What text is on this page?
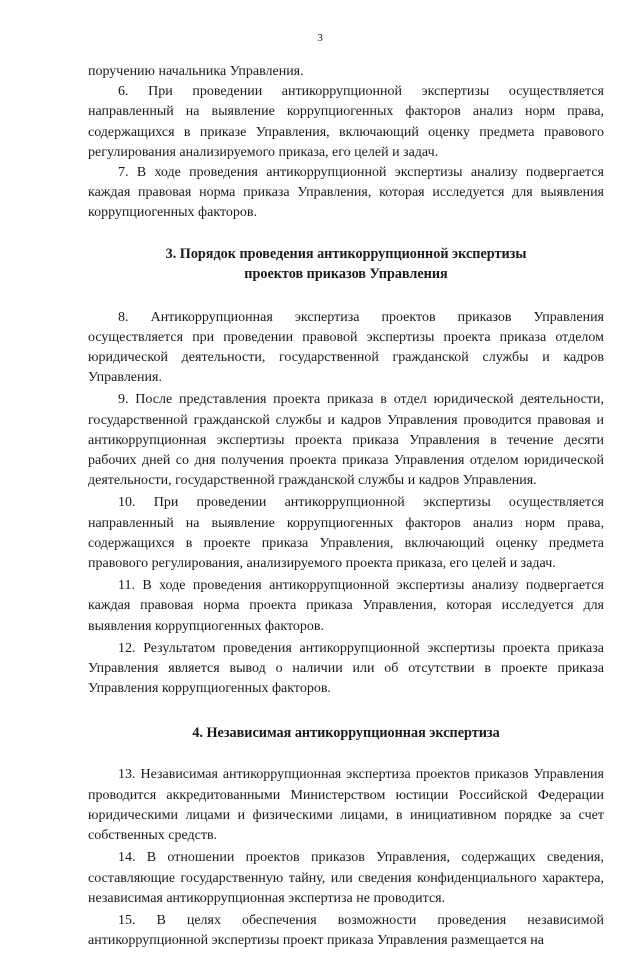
3

поручению начальника Управления.

6. При проведении антикоррупционной экспертизы осуществляется направленный на выявление коррупциогенных факторов анализ норм права, содержащихся в приказе Управления, включающий оценку предмета правового регулирования анализируемого приказа, его целей и задач.

7. В ходе проведения антикоррупционной экспертизы анализу подвергается каждая правовая норма приказа Управления, которая исследуется для выявления коррупциогенных факторов.

3. Порядок проведения антикоррупционной экспертизы
проектов приказов Управления

8. Антикоррупционная экспертиза проектов приказов Управления осуществляется при проведении правовой экспертизы проекта приказа отделом юридической деятельности, государственной гражданской службы и кадров Управления.

9. После представления проекта приказа в отдел юридической деятельности, государственной гражданской службы и кадров Управления проводится правовая и антикоррупционная экспертизы проекта приказа Управления в течение десяти рабочих дней со дня получения проекта приказа Управления отделом юридической деятельности, государственной гражданской службы и кадров Управления.

10. При проведении антикоррупционной экспертизы осуществляется направленный на выявление коррупциогенных факторов анализ норм права, содержащихся в проекте приказа Управления, включающий оценку предмета правового регулирования, анализируемого проекта приказа, его целей и задач.

11. В ходе проведения антикоррупционной экспертизы анализу подвергается каждая правовая норма проекта приказа Управления, которая исследуется для выявления коррупциогенных факторов.

12. Результатом проведения антикоррупционной экспертизы проекта приказа Управления является вывод о наличии или об отсутствии в проекте приказа Управления коррупциогенных факторов.

4. Независимая антикоррупционная экспертиза

13. Независимая антикоррупционная экспертиза проектов приказов Управления проводится аккредитованными Министерством юстиции Российской Федерации юридическими лицами и физическими лицами, в инициативном порядке за счет собственных средств.

14. В отношении проектов приказов Управления, содержащих сведения, составляющие государственную тайну, или сведения конфиденциального характера, независимая антикоррупционная экспертиза не проводится.

15. В целях обеспечения возможности проведения независимой антикоррупционной экспертизы проект приказа Управления размещается на
